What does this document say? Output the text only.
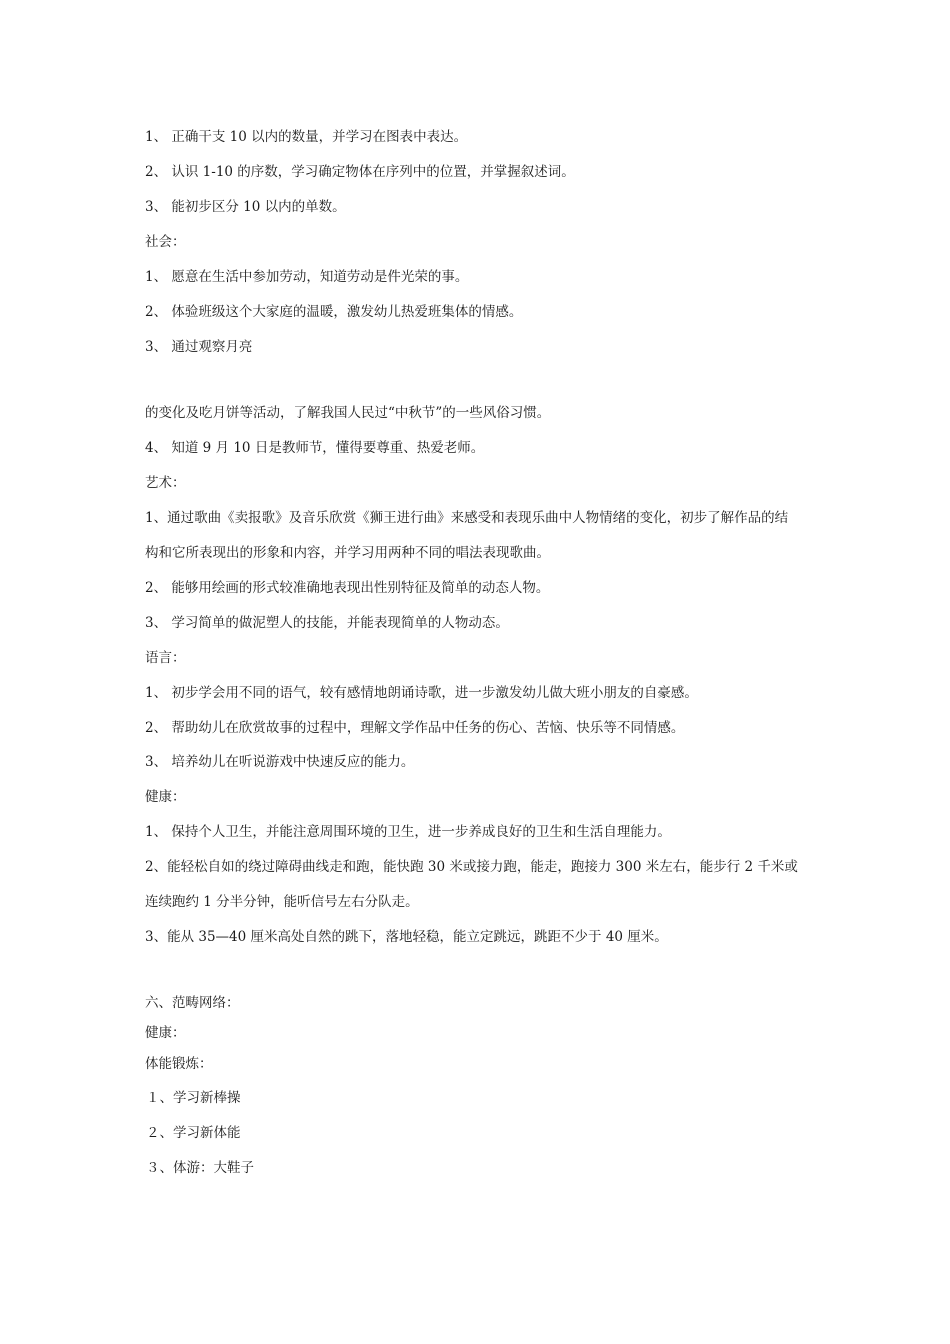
1、 正确干支 10 以内的数量，并学习在图表中表达。
2、 认识 1-10 的序数，学习确定物体在序列中的位置，并掌握叙述词。
3、 能初步区分 10 以内的单数。
社会：
1、 愿意在生活中参加劳动，知道劳动是件光荣的事。
2、 体验班级这个大家庭的温暖，激发幼儿热爱班集体的情感。
3、 通过观察月亮
的变化及吃月饼等活动，了解我国人民过“中秋节”的一些风俗习惯。
4、 知道 9 月 10 日是教师节，懂得要尊重、热爱老师。
艺术：
1、通过歌曲《卖报歌》及音乐欣赏《狮王进行曲》来感受和表现乐曲中人物情绪的变化，初步了解作品的结
构和它所表现出的形象和内容，并学习用两种不同的唱法表现歌曲。
2、 能够用绘画的形式较准确地表现出性别特征及简单的动态人物。
3、 学习简单的做泥塑人的技能，并能表现简单的人物动态。
语言：
1、 初步学会用不同的语气，较有感情地朗诵诗歌，进一步激发幼儿做大班小朋友的自豪感。
2、 帮助幼儿在欣赏故事的过程中，理解文学作品中任务的伤心、苦恼、快乐等不同情感。
3、 培养幼儿在听说游戏中快速反应的能力。
健康：
1、 保持个人卫生，并能注意周围环境的卫生，进一步养成良好的卫生和生活自理能力。
2、能轻松自如的绕过障碍曲线走和跑，能快跑 30 米或接力跑，能走，跑接力 300 米左右，能步行 2 千米或
连续跑约 1 分半分钟，能听信号左右分队走。
3、能从 35—40 厘米高处自然的跳下，落地轻稳，能立定跳远，跳距不少于 40 厘米。
六、范畴网络：
健康：
体能锻炼：
１、学习新棒操
２、学习新体能
３、体游：大鞋子
